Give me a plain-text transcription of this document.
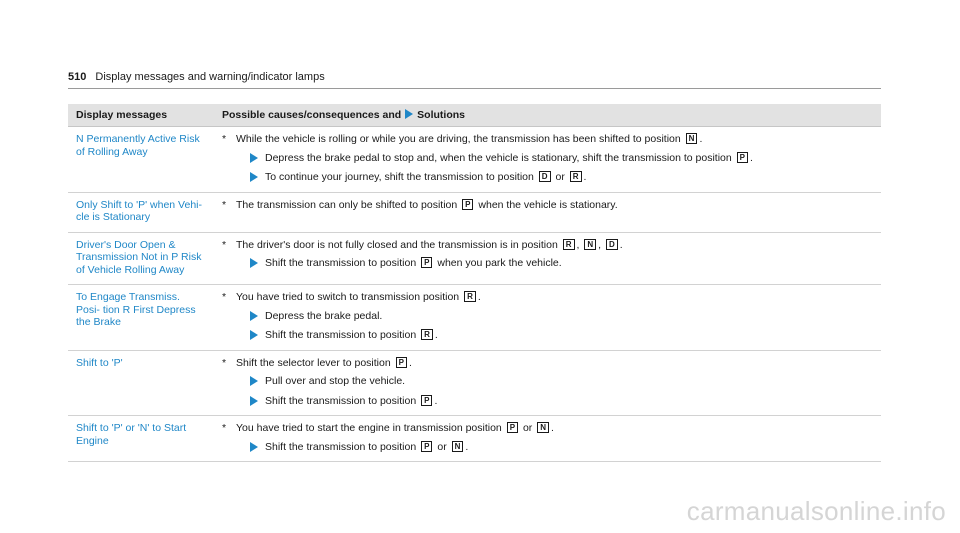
510 Display messages and warning/indicator lamps
Display messages	Possible causes/consequences and Solutions
N Permanently Active Risk of Rolling Away	* While the vehicle is rolling or while you are driving, the transmission has been shifted to position N .
Depress the brake pedal to stop and, when the vehicle is stationary, shift the transmission to position P .
To continue your journey, shift the transmission to position D or R .

Only Shift to 'P' when Vehi- cle is Stationary	* The transmission can only be shifted to position P when the vehicle is stationary.

Driver's Door Open & Transmission Not in P Risk of Vehicle Rolling Away	* The driver's door is not fully closed and the transmission is in position R , N , D .
Shift the transmission to position P when you park the vehicle.

To Engage Transmiss. Posi- tion R First Depress the Brake	* You have tried to switch to transmission position R .
Depress the brake pedal.
Shift the transmission to position R .

Shift to 'P'	* Shift the selector lever to position P .
Pull over and stop the vehicle.
Shift the transmission to position P .

Shift to 'P' or 'N' to Start Engine	* You have tried to start the engine in transmission position P or N .
Shift the transmission to position P or N .
carmanualsonline.info
